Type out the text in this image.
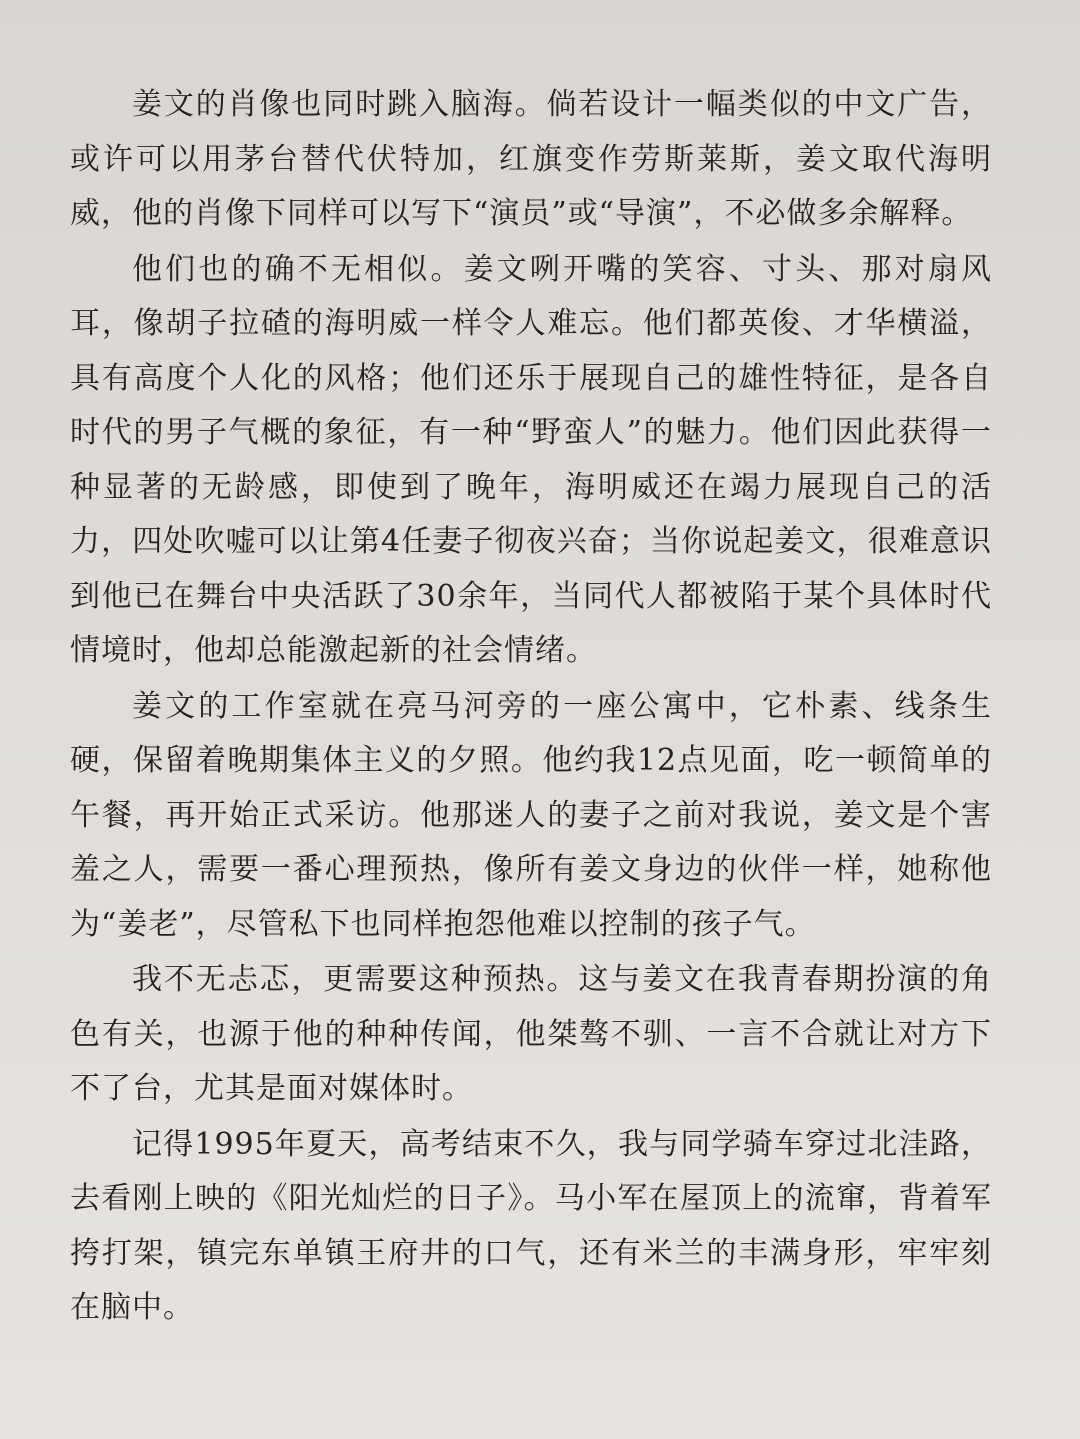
姜文的肖像也同时跳入脑海。倘若设计一幅类似的中文广告，或许可以用茅台替代伏特加，红旗变作劳斯莱斯，姜文取代海明威，他的肖像下同样可以写下“演员”或“导演”，不必做多余解释。

他们也的确不无相似。姜文咧开嘴的笑容、寸头、那对扇风耳，像胡子拉碴的海明威一样令人难忘。他们都英俊、才华横溢，具有高度个人化的风格；他们还乐于展现自己的雄性特征，是各自时代的男子气概的象征，有一种“野蛮人”的魅力。他们因此获得一种显著的无龄感，即使到了晚年，海明威还在竭力展现自己的活力，四处吹嘘可以让第4任妻子彻夜兴奋；当你说起姜文，很难意识到他已在舞台中央活跃了30余年，当同代人都被陷于某个具体时代情境时，他却总能激起新的社会情绪。

姜文的工作室就在亮马河旁的一座公寓中，它朴素、线条生硬，保留着晚期集体主义的夕照。他约我12点见面，吃一顿简单的午餐，再开始正式采访。他那迷人的妻子之前对我说，姜文是个害羞之人，需要一番心理预热，像所有姜文身边的伙伴一样，她称他为“姜老”，尽管私下也同样抱怨他难以控制的孩子气。

我不无忐忑，更需要这种预热。这与姜文在我青春期扮演的角色有关，也源于他的种种传闻，他桀骜不驯、一言不合就让对方下不了台，尤其是面对媒体时。

记得1995年夏天，高考结束不久，我与同学骑车穿过北洼路，去看刚上映的《阳光灿烂的日子》。马小军在屋顶上的流窜，背着军挎打架，镇完东单镇王府井的口气，还有米兰的丰满身形，牢牢刻在脑中。
